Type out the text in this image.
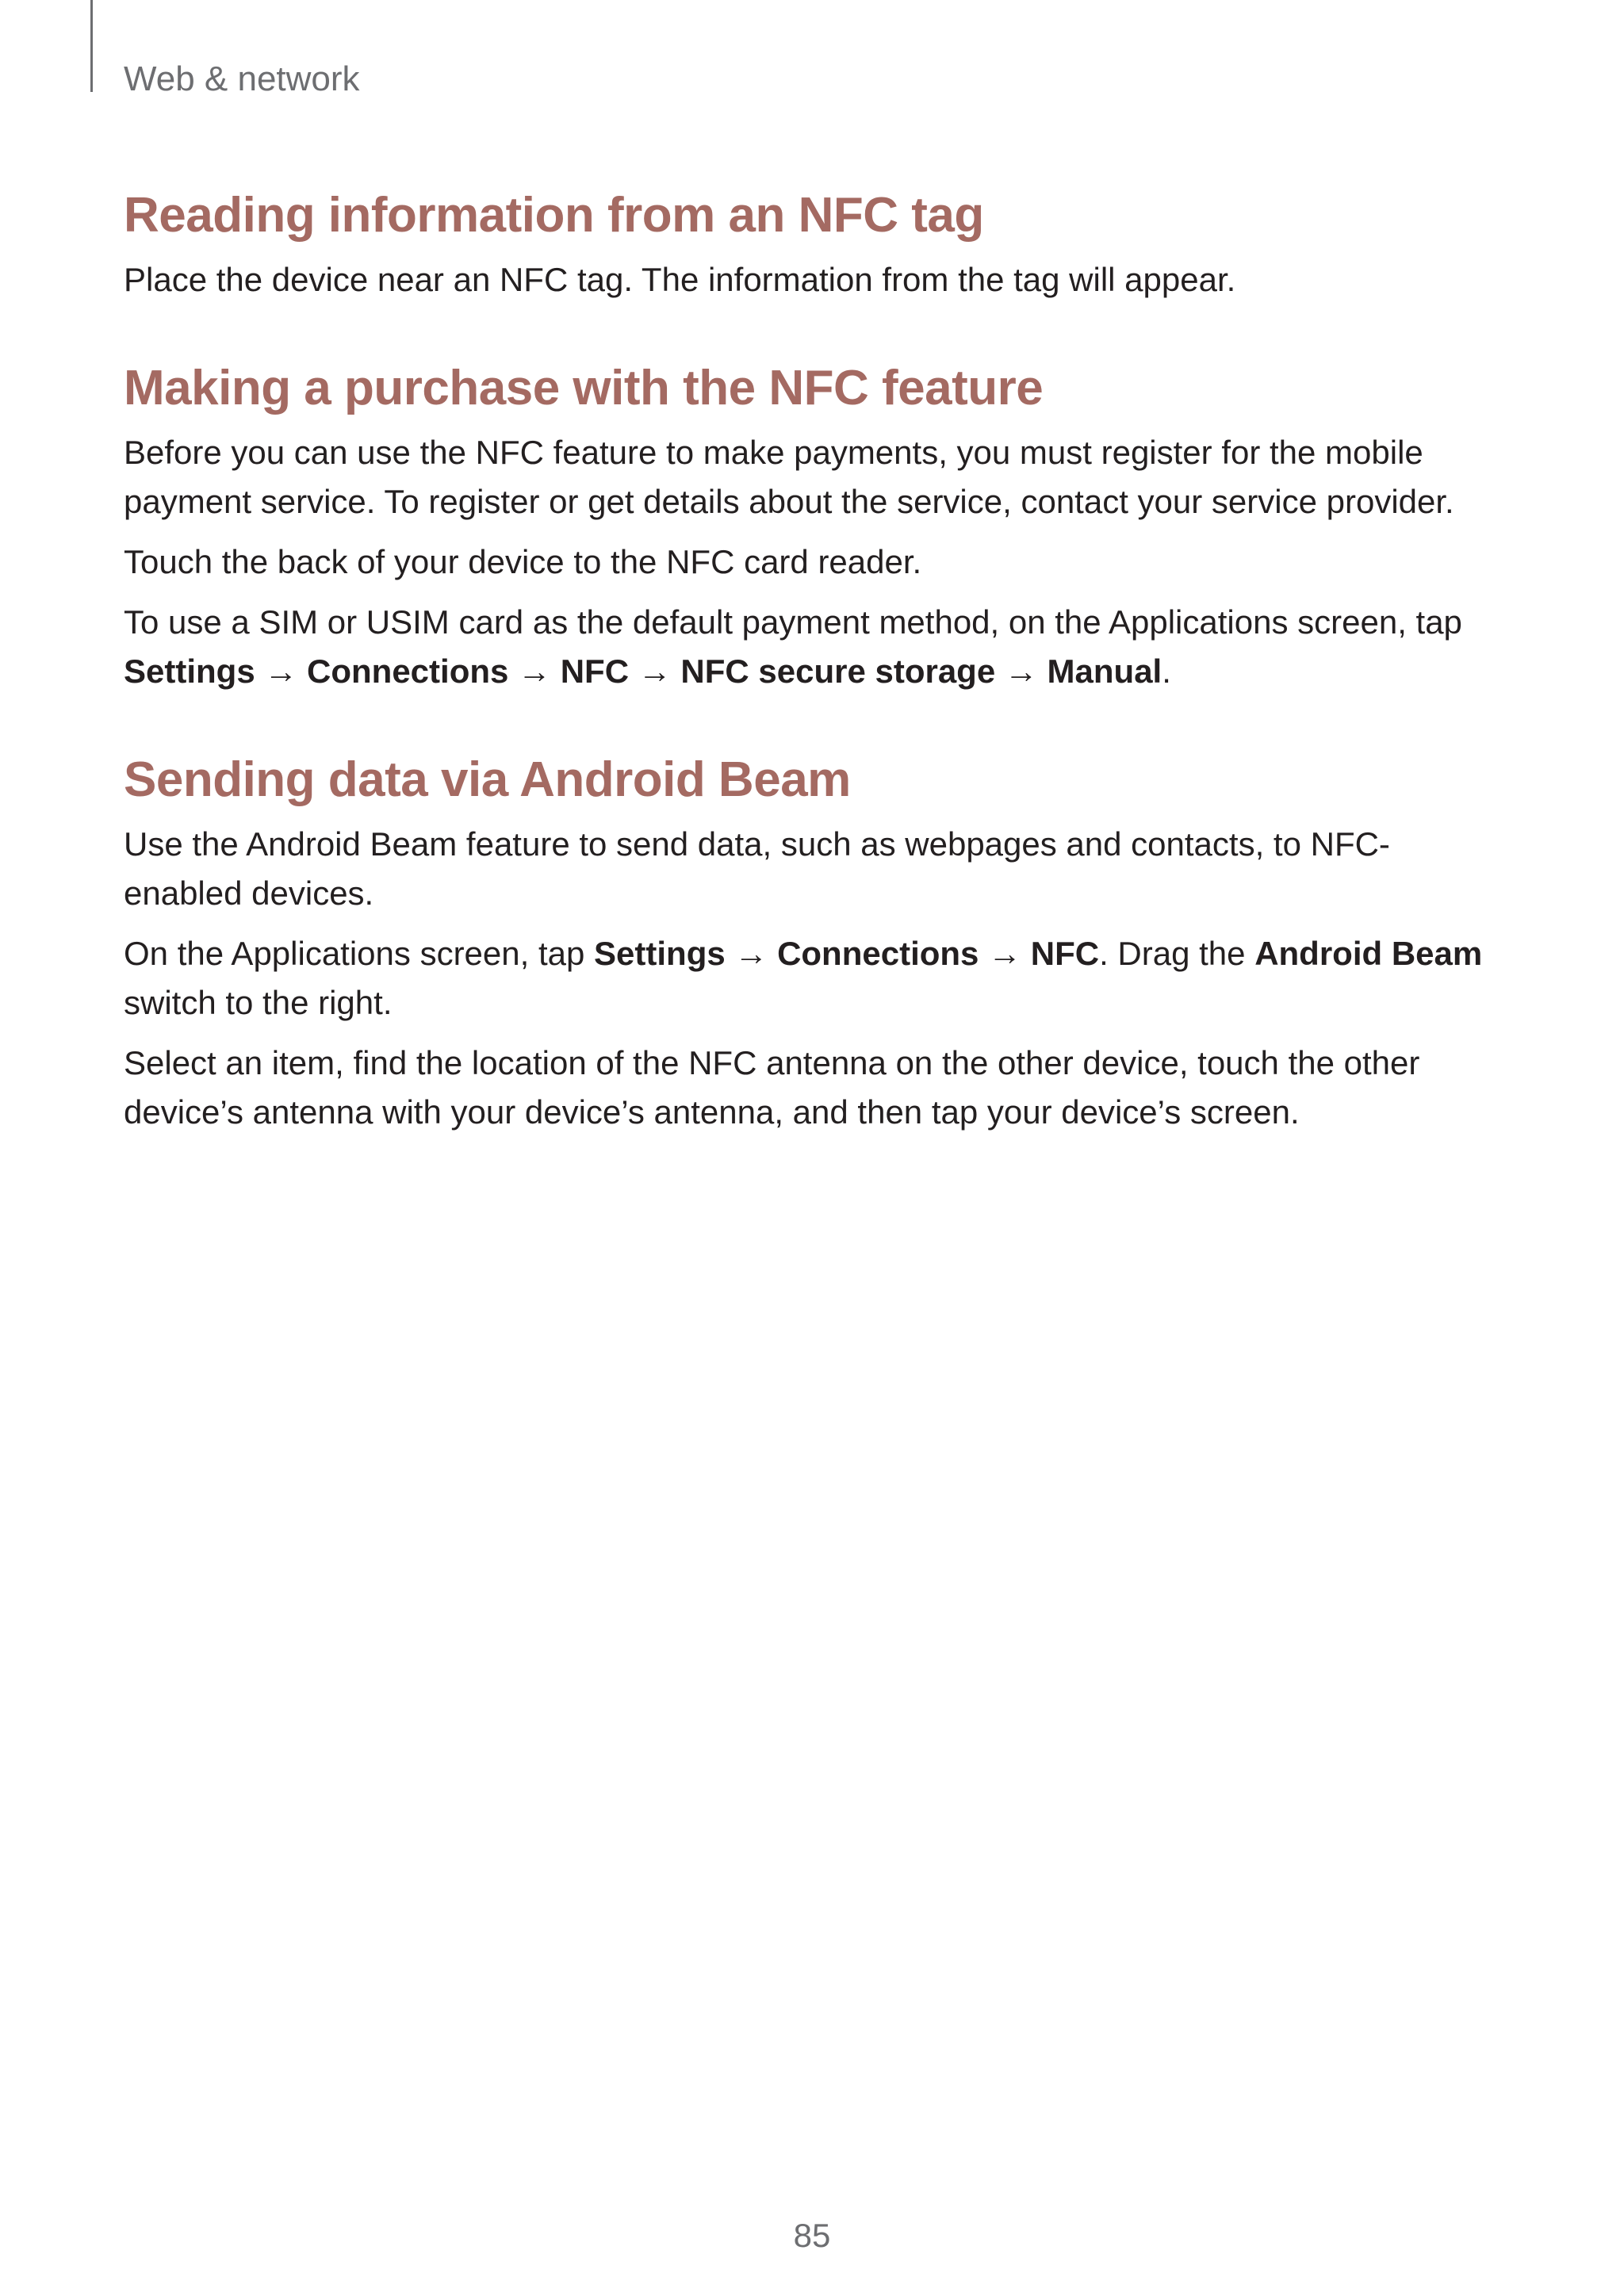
Web & network
Reading information from an NFC tag

Place the device near an NFC tag. The information from the tag will appear.

Making a purchase with the NFC feature

Before you can use the NFC feature to make payments, you must register for the mobile payment service. To register or get details about the service, contact your service provider.

Touch the back of your device to the NFC card reader.

To use a SIM or USIM card as the default payment method, on the Applications screen, tap Settings → Connections → NFC → NFC secure storage → Manual.

Sending data via Android Beam

Use the Android Beam feature to send data, such as webpages and contacts, to NFC-enabled devices.

On the Applications screen, tap Settings → Connections → NFC. Drag the Android Beam switch to the right.

Select an item, find the location of the NFC antenna on the other device, touch the other device’s antenna with your device’s antenna, and then tap your device’s screen.

85
